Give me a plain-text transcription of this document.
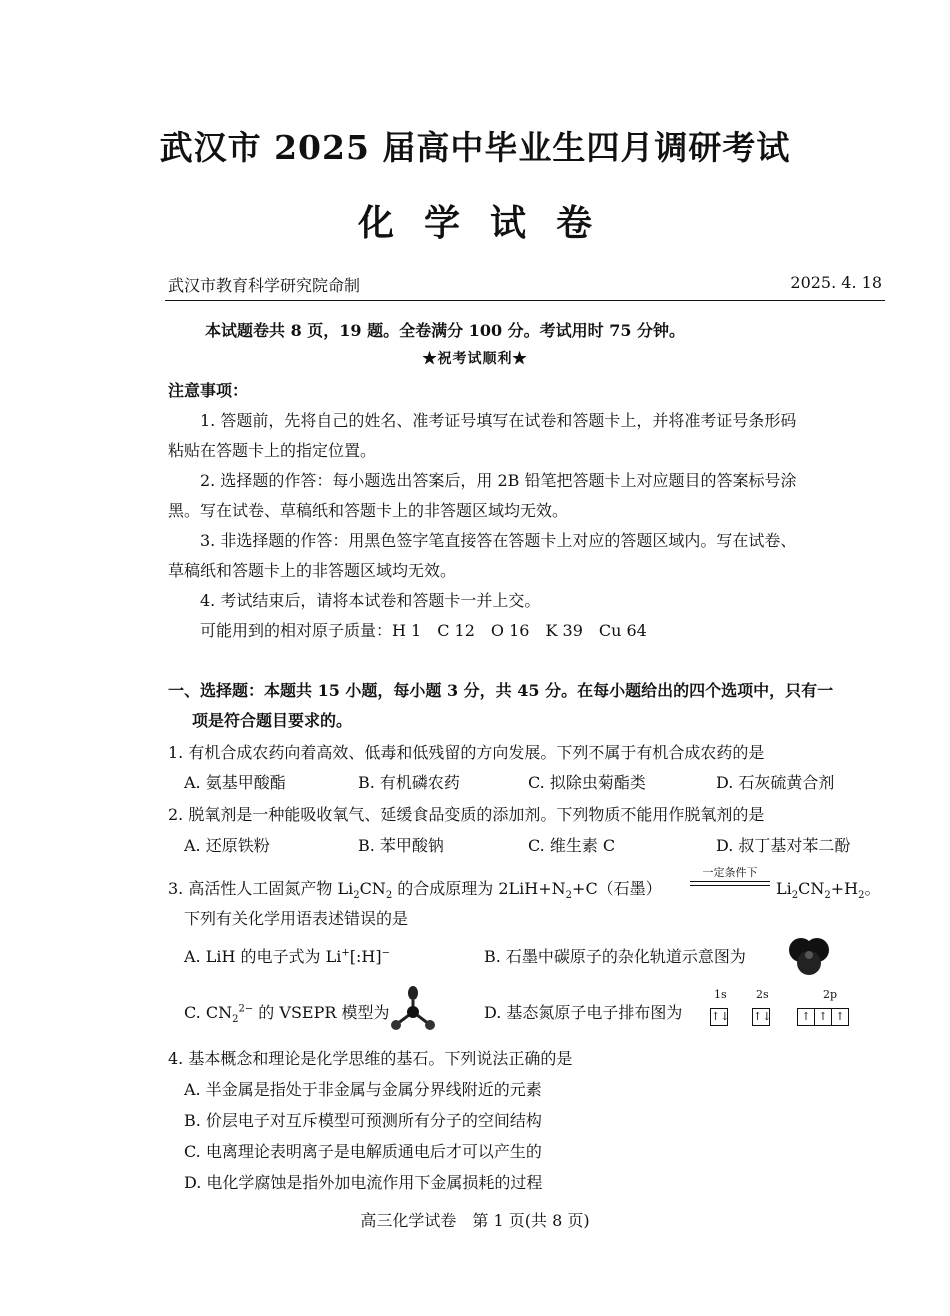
武汉市 2025 届高中毕业生四月调研考试
化学试卷
武汉市教育科学研究院命制	2025. 4. 18
本试题卷共 8 页，19 题。全卷满分 100 分。考试用时 75 分钟。
★祝考试顺利★
注意事项：
1. 答题前，先将自己的姓名、准考证号填写在试卷和答题卡上，并将准考证号条形码
粘贴在答题卡上的指定位置。
2. 选择题的作答：每小题选出答案后，用 2B 铅笔把答题卡上对应题目的答案标号涂
黑。写在试卷、草稿纸和答题卡上的非答题区域均无效。
3. 非选择题的作答：用黑色签字笔直接答在答题卡上对应的答题区域内。写在试卷、
草稿纸和答题卡上的非答题区域均无效。
4. 考试结束后，请将本试卷和答题卡一并上交。
可能用到的相对原子质量：H 1　C 12　O 16　K 39　Cu 64
一、选择题：本题共 15 小题，每小题 3 分，共 45 分。在每小题给出的四个选项中，只有一
项是符合题目要求的。
1. 有机合成农药向着高效、低毒和低残留的方向发展。下列不属于有机合成农药的是
A. 氨基甲酸酯	B. 有机磷农药	C. 拟除虫菊酯类	D. 石灰硫黄合剂
2. 脱氧剂是一种能吸收氧气、延缓食品变质的添加剂。下列物质不能用作脱氧剂的是
A. 还原铁粉	B. 苯甲酸钠	C. 维生素 C	D. 叔丁基对苯二酚
3. 高活性人工固氮产物 $Li_2CN_2$ 的合成原理为 $2LiH+N_2+C$（石墨）
一定条件下
$Li_2CN_2+H_2$。
下列有关化学用语表述错误的是
A. LiH 的电子式为 Li+[:H]−	B. 石墨中碳原子的杂化轨道示意图为
C. $CN_2^{2-}$ 的 VSEPR 模型为	D. 基态氮原子电子排布图为
1s	2s	2p
↑↓ ↑↓	↑ ↑ ↑
4. 基本概念和理论是化学思维的基石。下列说法正确的是
A. 半金属是指处于非金属与金属分界线附近的元素
B. 价层电子对互斥模型可预测所有分子的空间结构
C. 电离理论表明离子是电解质通电后才可以产生的
D. 电化学腐蚀是指外加电流作用下金属损耗的过程
高三化学试卷　第 1 页(共 8 页)
